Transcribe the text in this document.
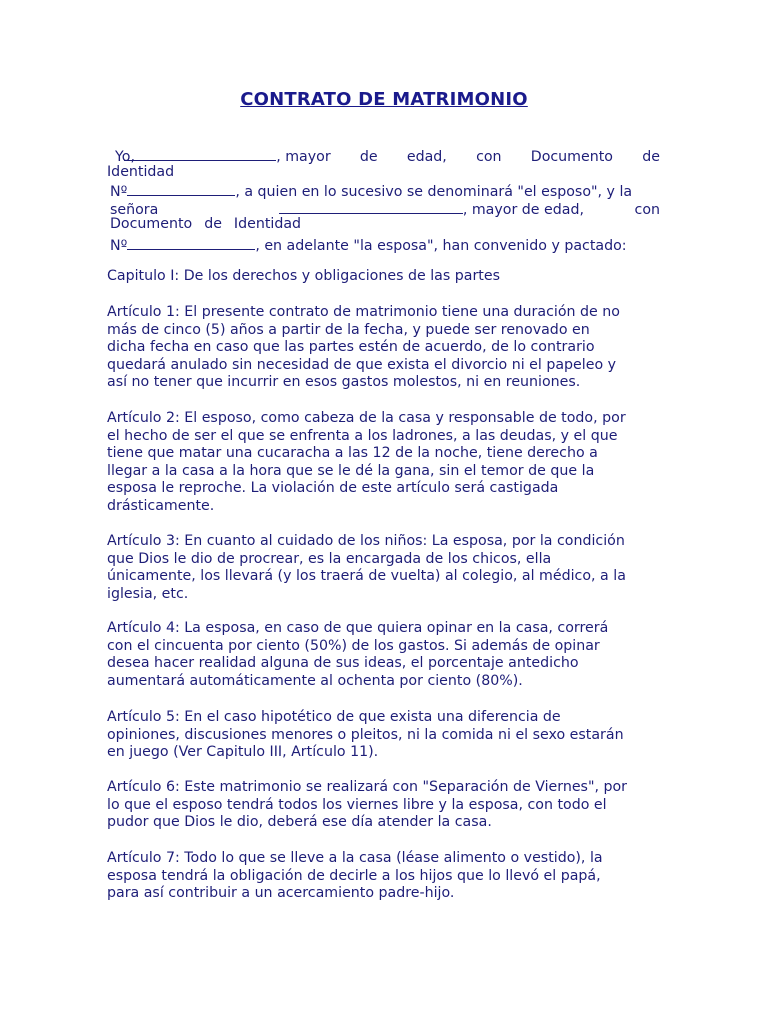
CONTRATO DE MATRIMONIO
Yo,	, mayor de edad, con Documento de
Identidad
Nº	, a quien en lo sucesivo se denominará "el esposo", y la
señora	, mayor de edad,	con
Documento de Identidad
Nº	, en adelante "la esposa", han convenido y pactado:
Capitulo I: De los derechos y obligaciones de las partes
Artículo 1: El presente contrato de matrimonio tiene una duración de no
más de cinco (5) años a partir de la fecha, y puede ser renovado en
dicha fecha en caso que las partes estén de acuerdo, de lo contrario
quedará anulado sin necesidad de que exista el divorcio ni el papeleo y
así no tener que incurrir en esos gastos molestos, ni en reuniones.
Artículo 2: El esposo, como cabeza de la casa y responsable de todo, por
el hecho de ser el que se enfrenta a los ladrones, a las deudas, y el que
tiene que matar una cucaracha a las 12 de la noche, tiene derecho a
llegar a la casa a la hora que se le dé la gana, sin el temor de que la
esposa le reproche. La violación de este artículo será castigada
drásticamente.
Artículo 3: En cuanto al cuidado de los niños: La esposa, por la condición
que Dios le dio de procrear, es la encargada de los chicos, ella
únicamente, los llevará (y los traerá de vuelta) al colegio, al médico, a la
iglesia, etc.
Artículo 4: La esposa, en caso de que quiera opinar en la casa, correrá
con el cincuenta por ciento (50%) de los gastos. Si además de opinar
desea hacer realidad alguna de sus ideas, el porcentaje antedicho
aumentará automáticamente al ochenta por ciento (80%).
Artículo 5: En el caso hipotético de que exista una diferencia de
opiniones, discusiones menores o pleitos, ni la comida ni el sexo estarán
en juego (Ver Capitulo III, Artículo 11).
Artículo 6: Este matrimonio se realizará con "Separación de Viernes", por
lo que el esposo tendrá todos los viernes libre y la esposa, con todo el
pudor que Dios le dio, deberá ese día atender la casa.
Artículo 7: Todo lo que se lleve a la casa (léase alimento o vestido), la
esposa tendrá la obligación de decirle a los hijos que lo llevó el papá,
para así contribuir a un acercamiento padre-hijo.
